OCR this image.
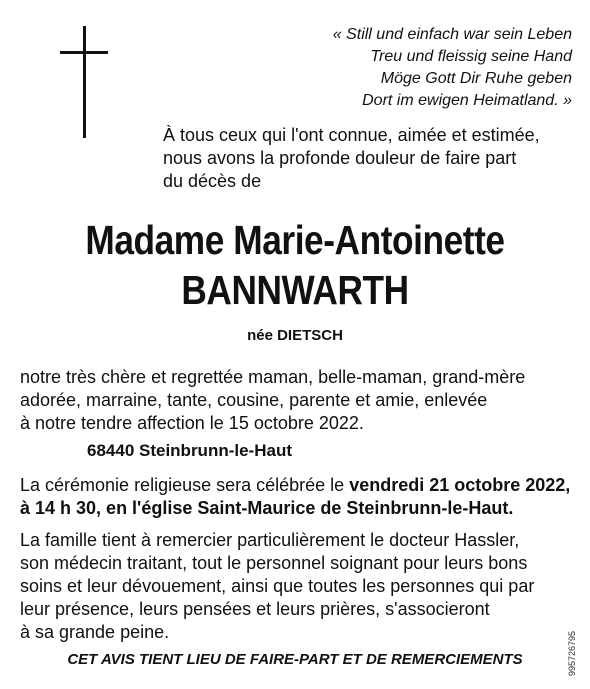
« Still und einfach war sein Leben
Treu und fleissig seine Hand
Möge Gott Dir Ruhe geben
Dort im ewigen Heimatland. »
À tous ceux qui l'ont connue, aimée et estimée,
nous avons la profonde douleur de faire part
du décès de
Madame Marie-Antoinette
BANNWARTH
née DIETSCH
notre très chère et regrettée maman, belle-maman, grand-mère
adorée, marraine, tante, cousine, parente et amie, enlevée
à notre tendre affection le 15 octobre 2022.
68440 Steinbrunn-le-Haut
La cérémonie religieuse sera célébrée le vendredi 21 octobre 2022,
à 14 h 30, en l'église Saint-Maurice de Steinbrunn-le-Haut.
La famille tient à remercier particulièrement le docteur Hassler,
son médecin traitant, tout le personnel soignant pour leurs bons
soins et leur dévouement, ainsi que toutes les personnes qui par
leur présence, leurs pensées et leurs prières, s'associeront
à sa grande peine.
CET AVIS TIENT LIEU DE FAIRE-PART ET DE REMERCIEMENTS	995726795
